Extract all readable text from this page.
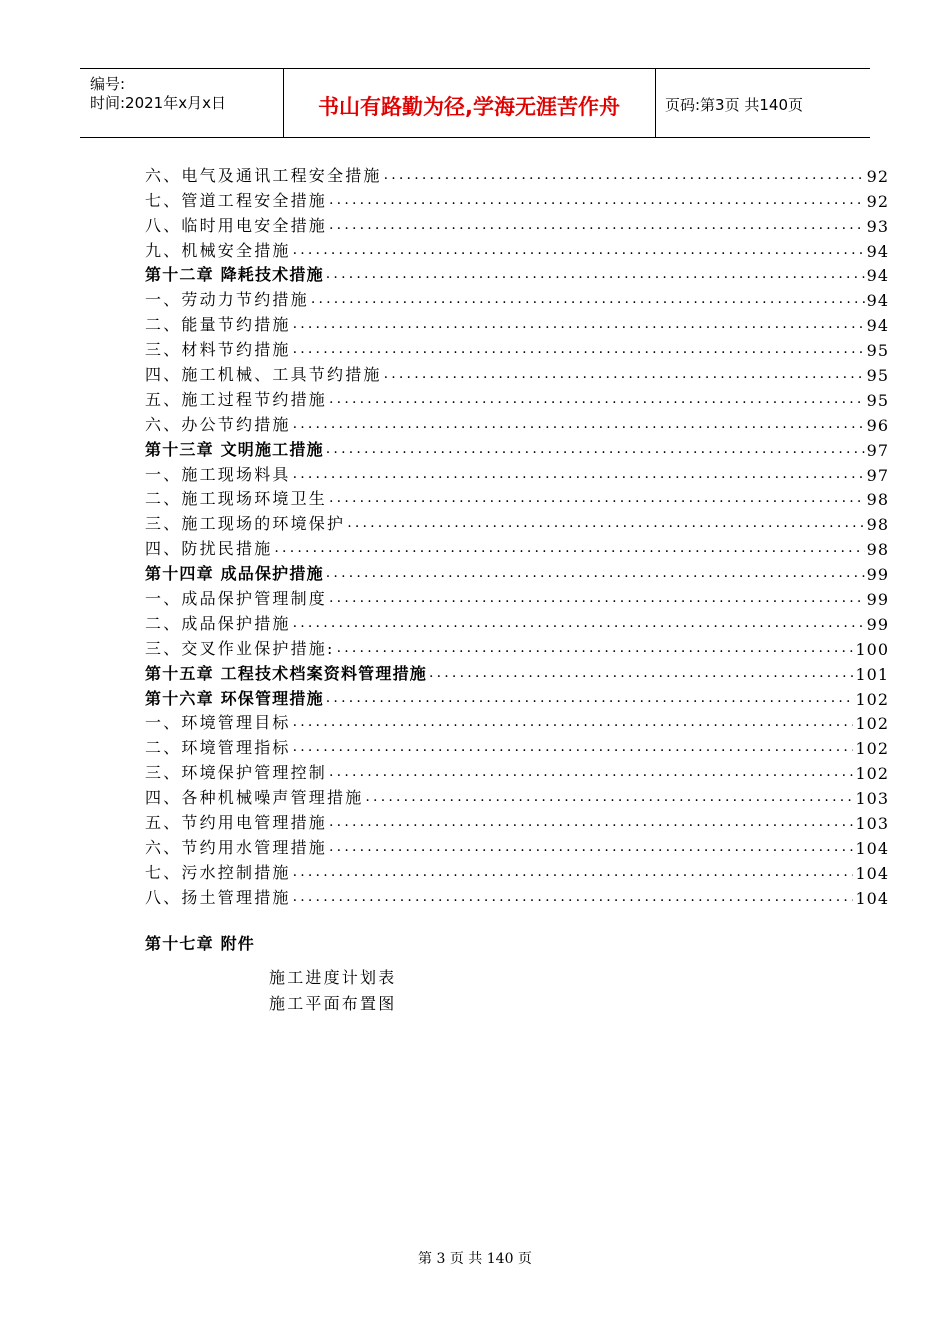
编号:
时间:2021年x月x日	书山有路勤为径,学海无涯苦作舟	页码:第3页 共140页
六、电气及通讯工程安全措施 .....	92
七、管道工程安全措施 .....	92
八、临时用电安全措施 .....	93
九、机械安全措施 .....	94
第十二章 降耗技术措施 .....	94
一、劳动力节约措施 .....	94
二、能量节约措施 .....	94
三、材料节约措施 .....	95
四、施工机械、工具节约措施 .....	95
五、施工过程节约措施 .....	95
六、办公节约措施 .....	96
第十三章 文明施工措施 .....	97
一、施工现场料具 .....	97
二、施工现场环境卫生 .....	98
三、施工现场的环境保护 .....	98
四、防扰民措施 .....	98
第十四章 成品保护措施 .....	99
一、成品保护管理制度 .....	99
二、成品保护措施 .....	99
三、交叉作业保护措施: .....	100
第十五章 工程技术档案资料管理措施 .....	101
第十六章 环保管理措施 .....	102
一、环境管理目标 .....	102
二、环境管理指标 .....	102
三、环境保护管理控制 .....	102
四、各种机械噪声管理措施 .....	103
五、节约用电管理措施 .....	103
六、节约用水管理措施 .....	104
七、污水控制措施 .....	104
八、扬土管理措施 .....	104
第十七章 附件
施工进度计划表
施工平面布置图
第 3 页 共 140 页
